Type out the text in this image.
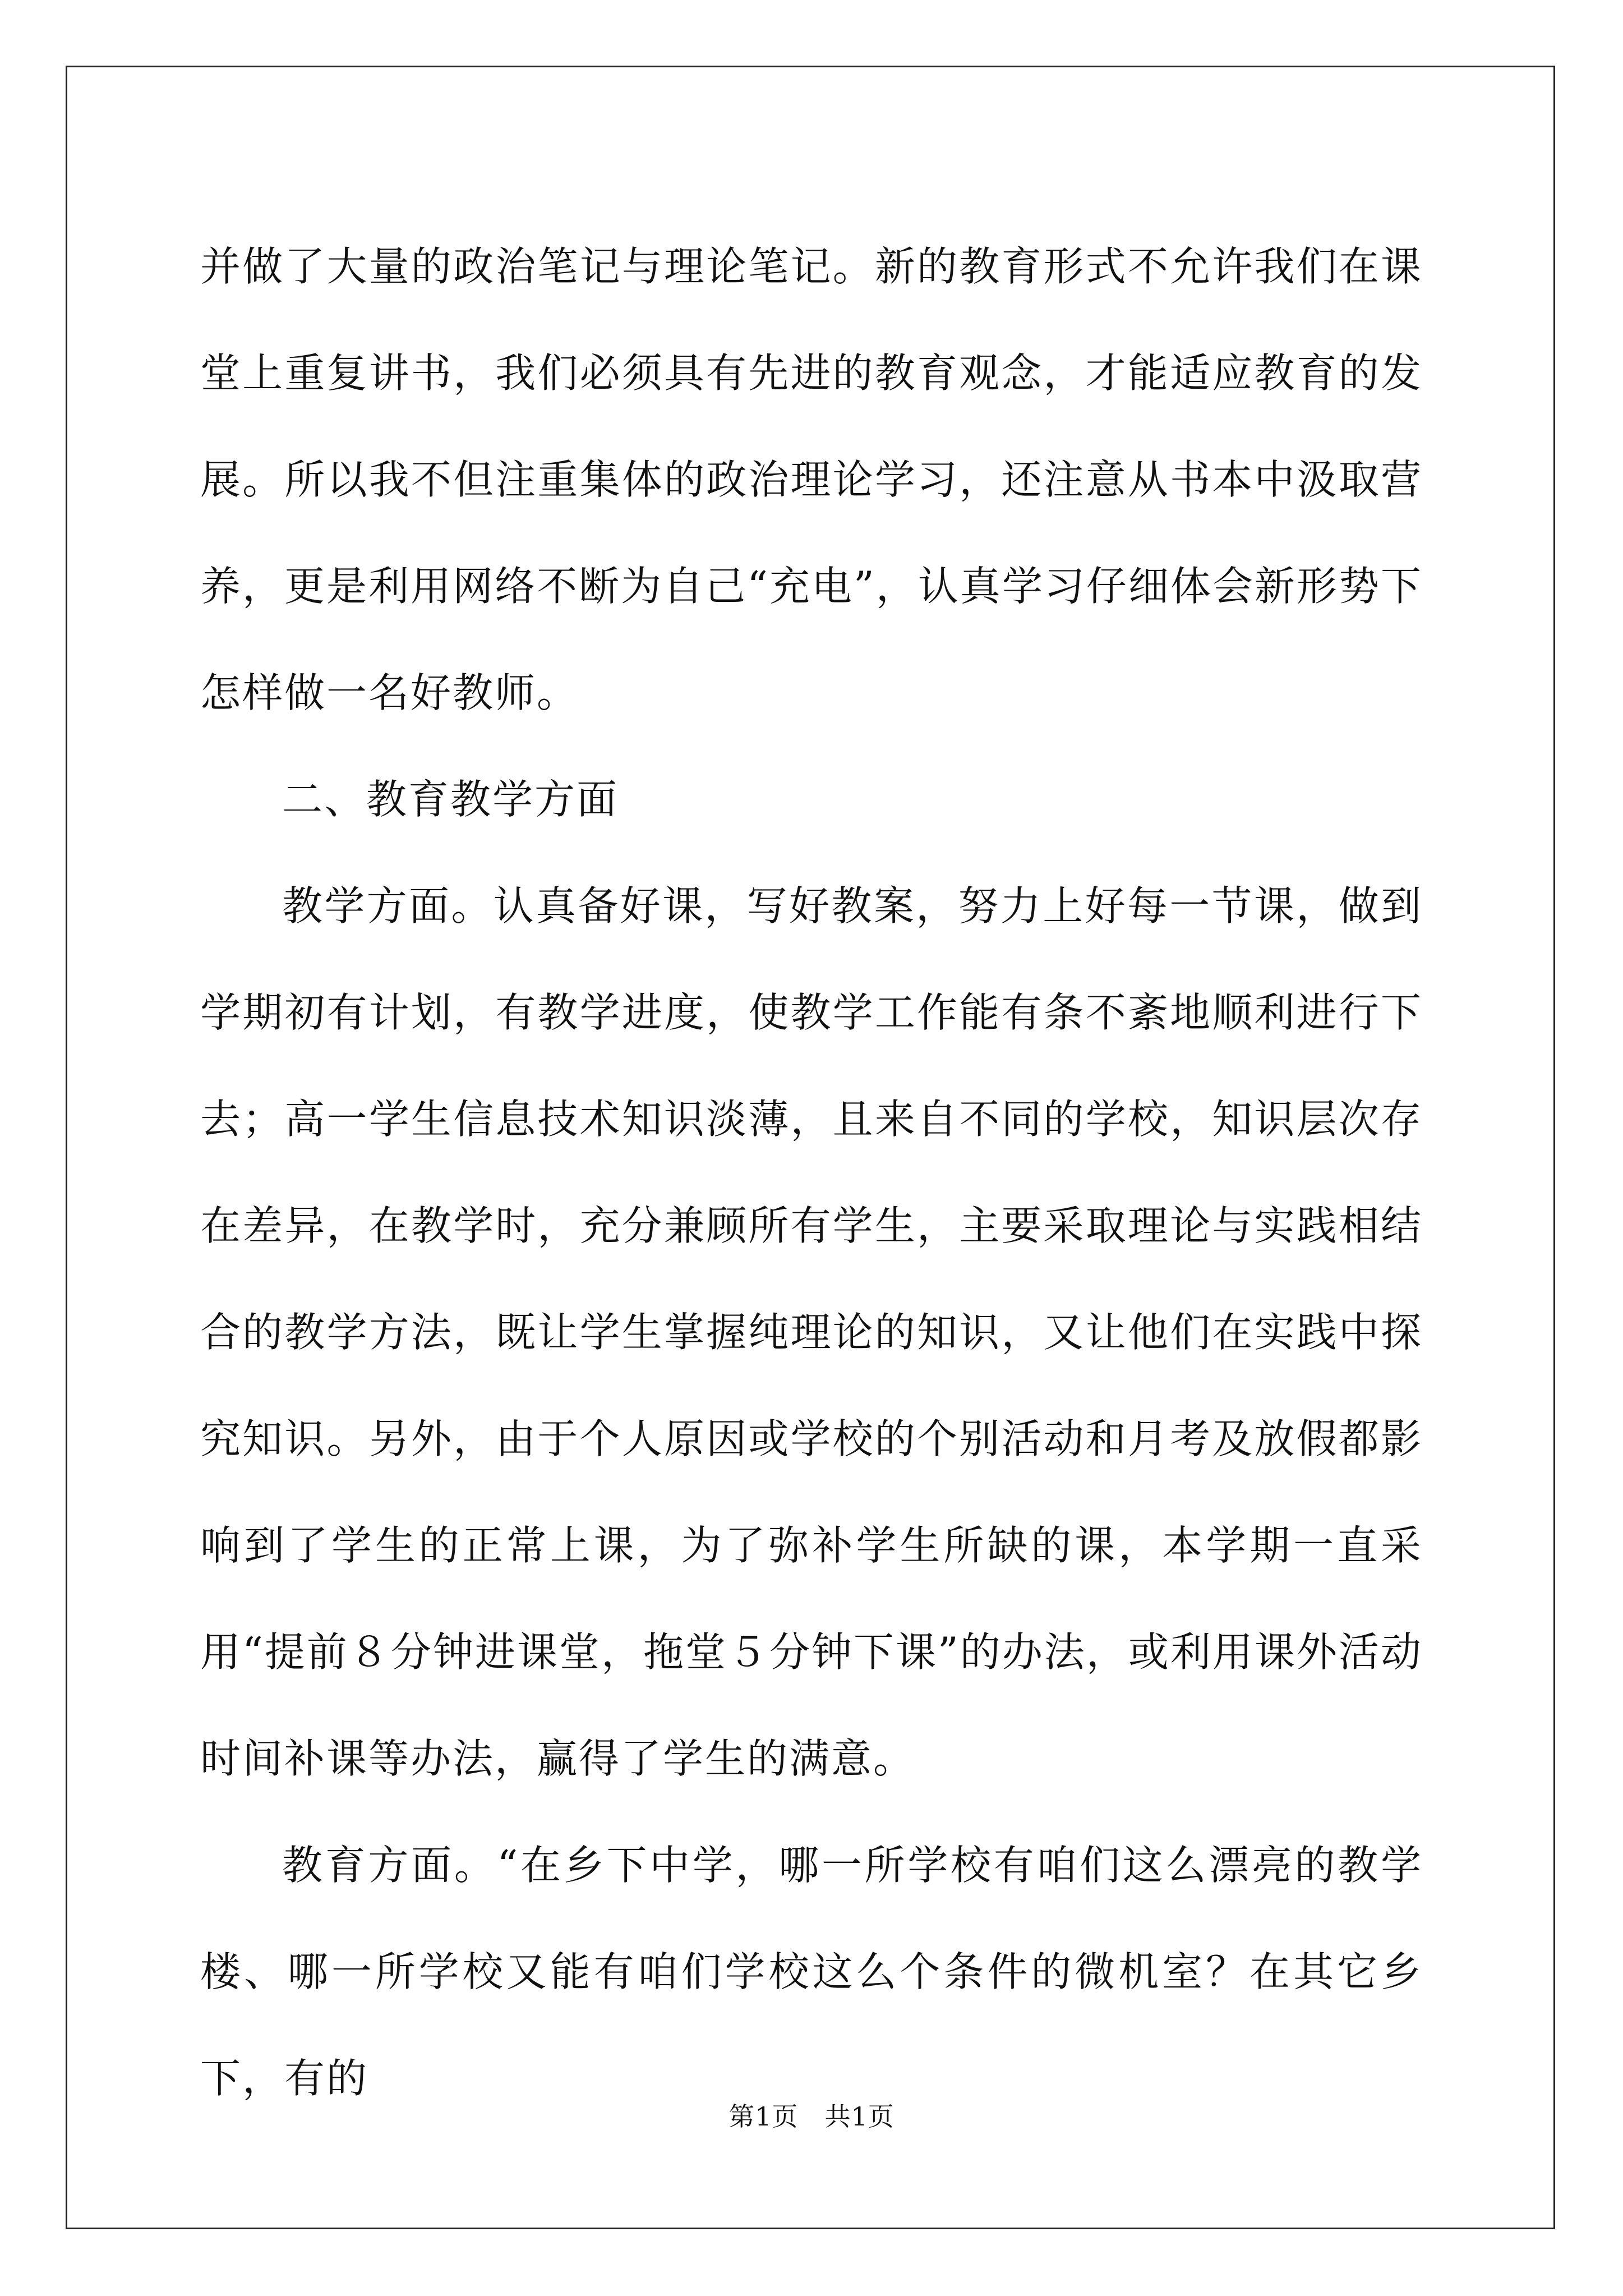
并做了大量的政治笔记与理论笔记。新的教育形式不允许我们在课堂上重复讲书，我们必须具有先进的教育观念，才能适应教育的发展。所以我不但注重集体的政治理论学习，还注意从书本中汲取营养，更是利用网络不断为自己“充电”，认真学习仔细体会新形势下怎样做一名好教师。

二、教育教学方面

教学方面。认真备好课，写好教案，努力上好每一节课，做到学期初有计划，有教学进度，使教学工作能有条不紊地顺利进行下去；高一学生信息技术知识淡薄，且来自不同的学校，知识层次存在差异，在教学时，充分兼顾所有学生，主要采取理论与实践相结合的教学方法，既让学生掌握纯理论的知识，又让他们在实践中探究知识。另外，由于个人原因或学校的个别活动和月考及放假都影响到了学生的正常上课，为了弥补学生所缺的课，本学期一直采用“提前８分钟进课堂，拖堂５分钟下课”的办法，或利用课外活动时间补课等办法，赢得了学生的满意。

教育方面。“在乡下中学，哪一所学校有咱们这么漂亮的教学楼、哪一所学校又能有咱们学校这么个条件的微机室？在其它乡下，有的

第1页　共1页
